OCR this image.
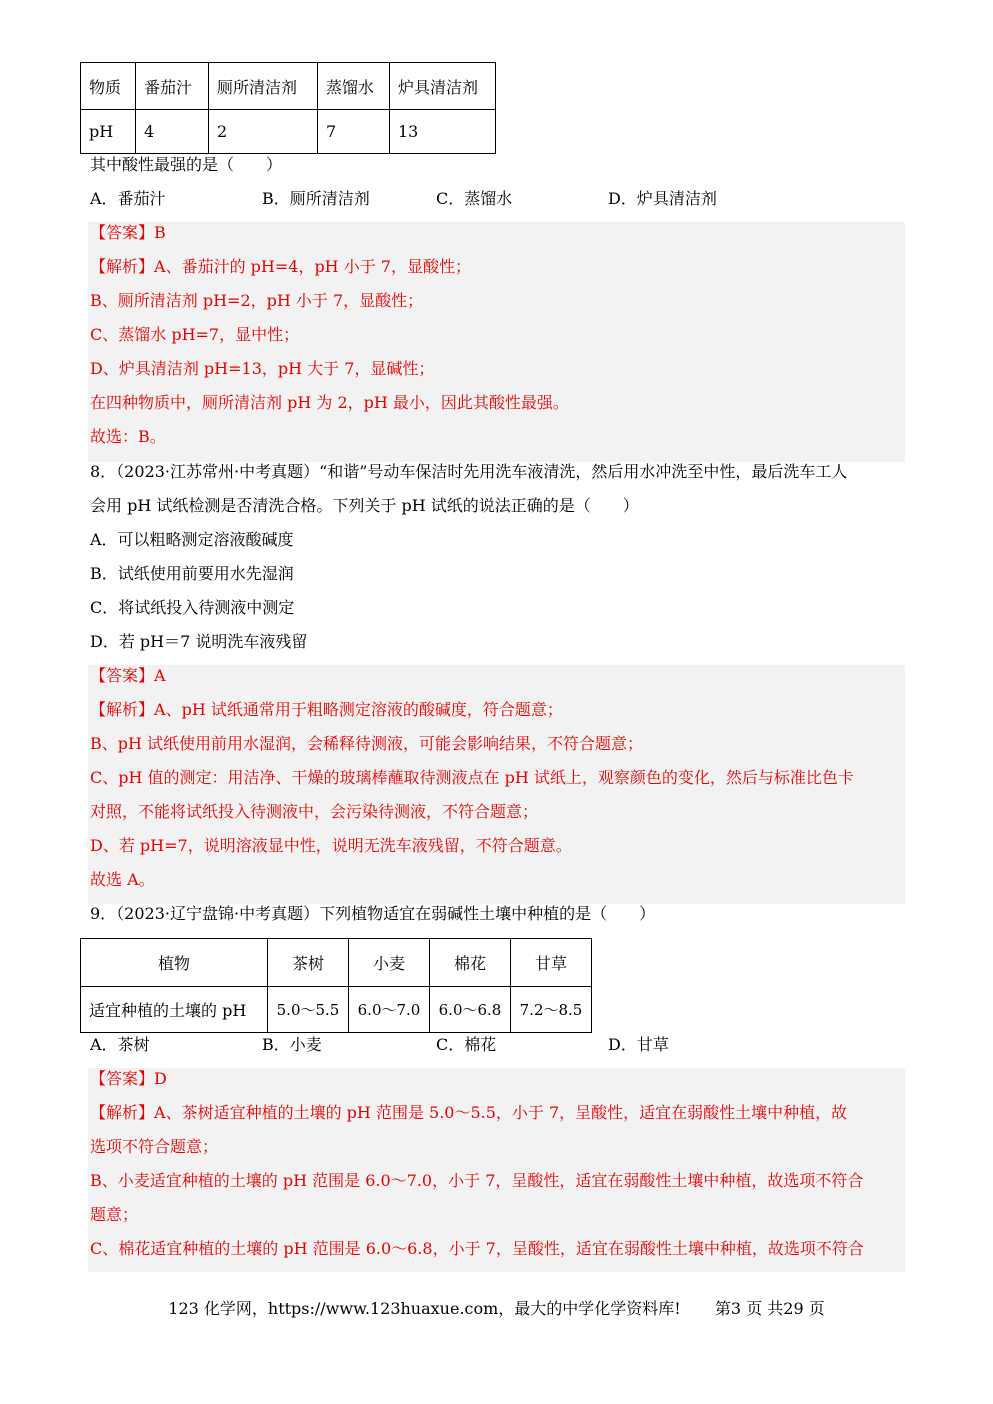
物质	番茄汁	厕所清洁剂	蒸馏水	炉具清洁剂
pH	4	2	7	13
其中酸性最强的是（　　）
A．番茄汁	B．厕所清洁剂	C．蒸馏水	D．炉具清洁剂
【答案】B
【解析】A、番茄汁的 pH=4，pH 小于 7，显酸性；
B、厕所清洁剂 pH=2，pH 小于 7，显酸性；
C、蒸馏水 pH=7，显中性；
D、炉具清洁剂 pH=13，pH 大于 7，显碱性；
在四种物质中，厕所清洁剂 pH 为 2，pH 最小，因此其酸性最强。
故选：B。
8．（2023·江苏常州·中考真题）“和谐”号动车保洁时先用洗车液清洗，然后用水冲洗至中性，最后洗车工人
会用 pH 试纸检测是否清洗合格。下列关于 pH 试纸的说法正确的是（　　）
A．可以粗略测定溶液酸碱度
B．试纸使用前要用水先湿润
C．将试纸投入待测液中测定
D．若 pH＝7 说明洗车液残留
【答案】A
【解析】A、pH 试纸通常用于粗略测定溶液的酸碱度，符合题意；
B、pH 试纸使用前用水湿润，会稀释待测液，可能会影响结果，不符合题意；
C、pH 值的测定：用洁净、干燥的玻璃棒蘸取待测液点在 pH 试纸上，观察颜色的变化，然后与标准比色卡
对照，不能将试纸投入待测液中，会污染待测液，不符合题意；
D、若 pH=7，说明溶液显中性，说明无洗车液残留，不符合题意。
故选 A。
9．（2023·辽宁盘锦·中考真题）下列植物适宜在弱碱性土壤中种植的是（　　）
植物	茶树	小麦	棉花	甘草
适宜种植的土壤的 pH	5.0～5.5	6.0～7.0	6.0～6.8	7.2～8.5
A．茶树	B．小麦	C．棉花	D．甘草
【答案】D
【解析】A、茶树适宜种植的土壤的 pH 范围是 5.0～5.5，小于 7，呈酸性，适宜在弱酸性土壤中种植，故
选项不符合题意；
B、小麦适宜种植的土壤的 pH 范围是 6.0～7.0，小于 7，呈酸性，适宜在弱酸性土壤中种植，故选项不符合
题意；
C、棉花适宜种植的土壤的 pH 范围是 6.0～6.8，小于 7，呈酸性，适宜在弱酸性土壤中种植，故选项不符合
123 化学网，https://www.123huaxue.com，最大的中学化学资料库! 第3 页 共29 页
